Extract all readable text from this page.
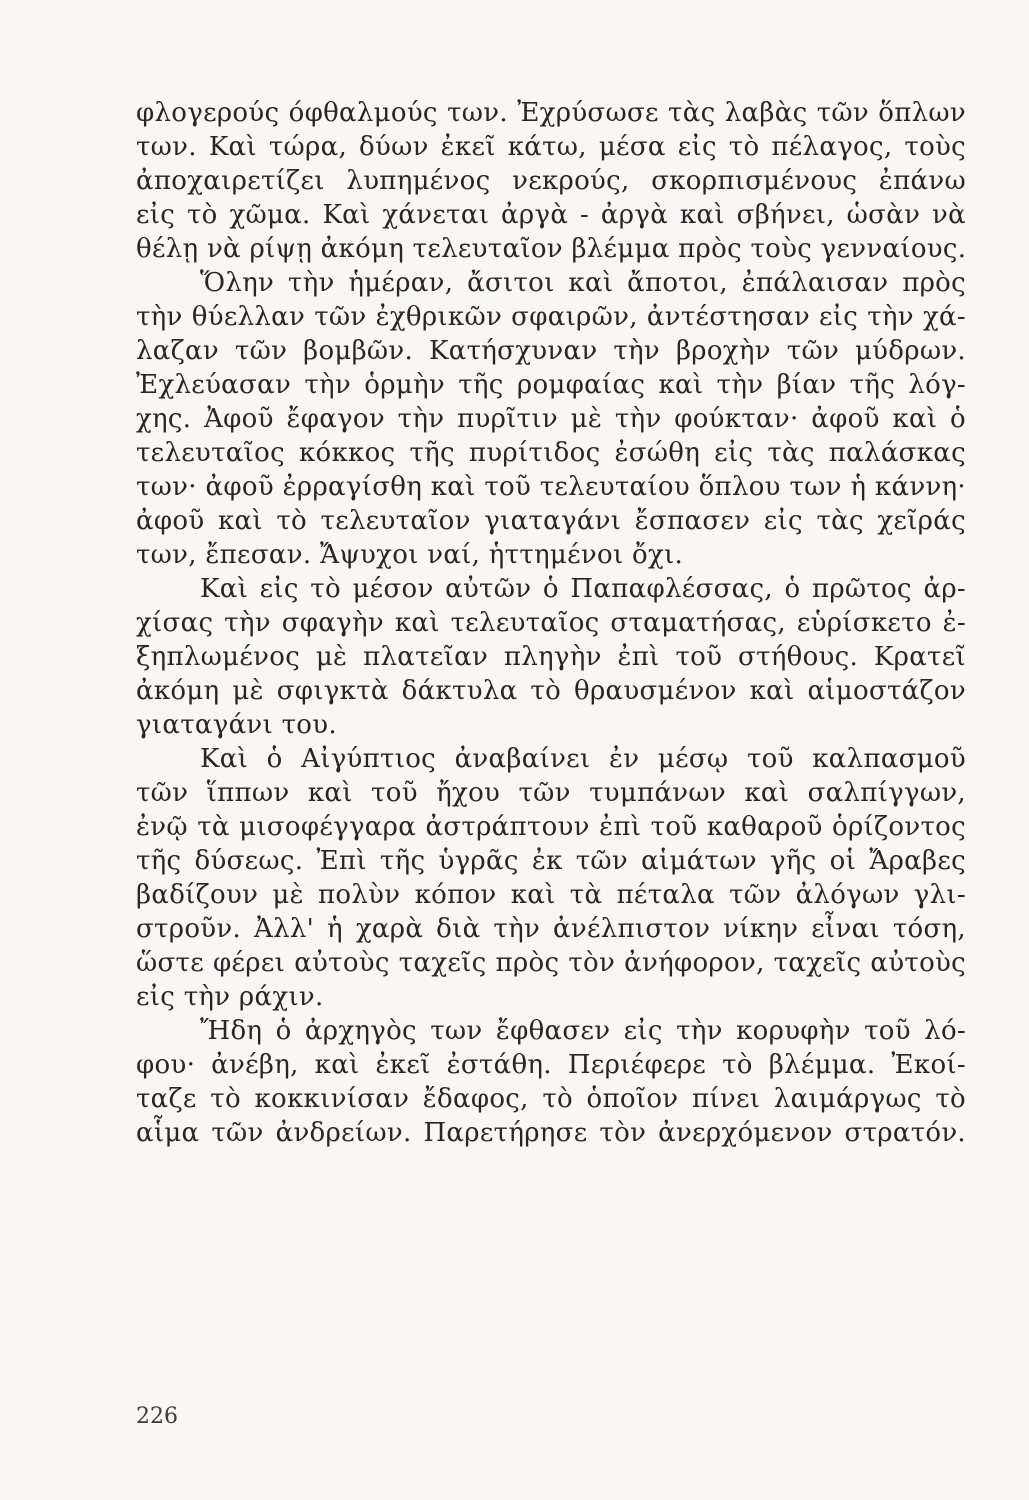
φλογερούς όφθαλμούς των. Ἐχρύσωσε τὰς λαβὰς τῶν ὅπλων
των. Καὶ τώρα, δύων ἐκεῖ κάτω, μέσα εἰς τὸ πέλαγος, τοὺς
ἀποχαιρετίζει λυπημένος νεκρούς, σκορπισμένους ἐπάνω
εἰς τὸ χῶμα. Καὶ χάνεται ἀργὰ - ἀργὰ καὶ σβήνει, ὡσὰν νὰ
θέλῃ νὰ ρίψῃ ἀκόμη τελευταῖον βλέμμα πρὸς τοὺς γενναίους.
Ὅλην τὴν ἡμέραν, ἄσιτοι καὶ ἄποτοι, ἐπάλαισαν πρὸς
τὴν θύελλαν τῶν ἐχθρικῶν σφαιρῶν, ἀντέστησαν εἰς τὴν χά-
λαζαν τῶν βομβῶν. Κατήσχυναν τὴν βροχὴν τῶν μύδρων.
Ἐχλεύασαν τὴν ὁρμὴν τῆς ρομφαίας καὶ τὴν βίαν τῆς λόγ-
χης. Ἀφοῦ ἔφαγον τὴν πυρῖτιν μὲ τὴν φούκταν· ἀφοῦ καὶ ὁ
τελευταῖος κόκκος τῆς πυρίτιδος ἐσώθη εἰς τὰς παλάσκας
των· ἀφοῦ ἐρραγίσθη καὶ τοῦ τελευταίου ὅπλου των ἡ κάννη·
ἀφοῦ καὶ τὸ τελευταῖον γιαταγάνι ἔσπασεν εἰς τὰς χεῖράς
των, ἔπεσαν. Ἄψυχοι ναί, ἡττημένοι ὄχι.
Καὶ εἰς τὸ μέσον αὐτῶν ὁ Παπαφλέσσας, ὁ πρῶτος ἀρ-
χίσας τὴν σφαγὴν καὶ τελευταῖος σταματήσας, εὑρίσκετο ἐ-
ξηπλωμένος μὲ πλατεῖαν πληγὴν ἐπὶ τοῦ στήθους. Κρατεῖ
ἀκόμη μὲ σφιγκτὰ δάκτυλα τὸ θραυσμένον καὶ αἱμοστάζον
γιαταγάνι του.
Καὶ ὁ Αἰγύπτιος ἀναβαίνει ἐν μέσῳ τοῦ καλπασμοῦ
τῶν ἵππων καὶ τοῦ ἤχου τῶν τυμπάνων καὶ σαλπίγγων,
ἐνῷ τὰ μισοφέγγαρα ἀστράπτουν ἐπὶ τοῦ καθαροῦ ὁρίζοντος
τῆς δύσεως. Ἐπὶ τῆς ὑγρᾶς ἐκ τῶν αἱμάτων γῆς οἱ Ἄραβες
βαδίζουν μὲ πολὺν κόπον καὶ τὰ πέταλα τῶν ἀλόγων γλι-
στροῦν. Ἀλλ' ἡ χαρὰ διὰ τὴν ἀνέλπιστον νίκην εἶναι τόση,
ὥστε φέρει αὐτοὺς ταχεῖς πρὸς τὸν ἀνήφορον, ταχεῖς αὐτοὺς
εἰς τὴν ράχιν.
Ἤδη ὁ ἀρχηγὸς των ἔφθασεν εἰς τὴν κορυφὴν τοῦ λό-
φου· ἀνέβη, καὶ ἐκεῖ ἐστάθη. Περιέφερε τὸ βλέμμα. Ἐκοί-
ταζε τὸ κοκκινίσαν ἔδαφος, τὸ ὁποῖον πίνει λαιμάργως τὸ
αἷμα τῶν ἀνδρείων. Παρετήρησε τὸν ἀνερχόμενον στρατόν.
226
